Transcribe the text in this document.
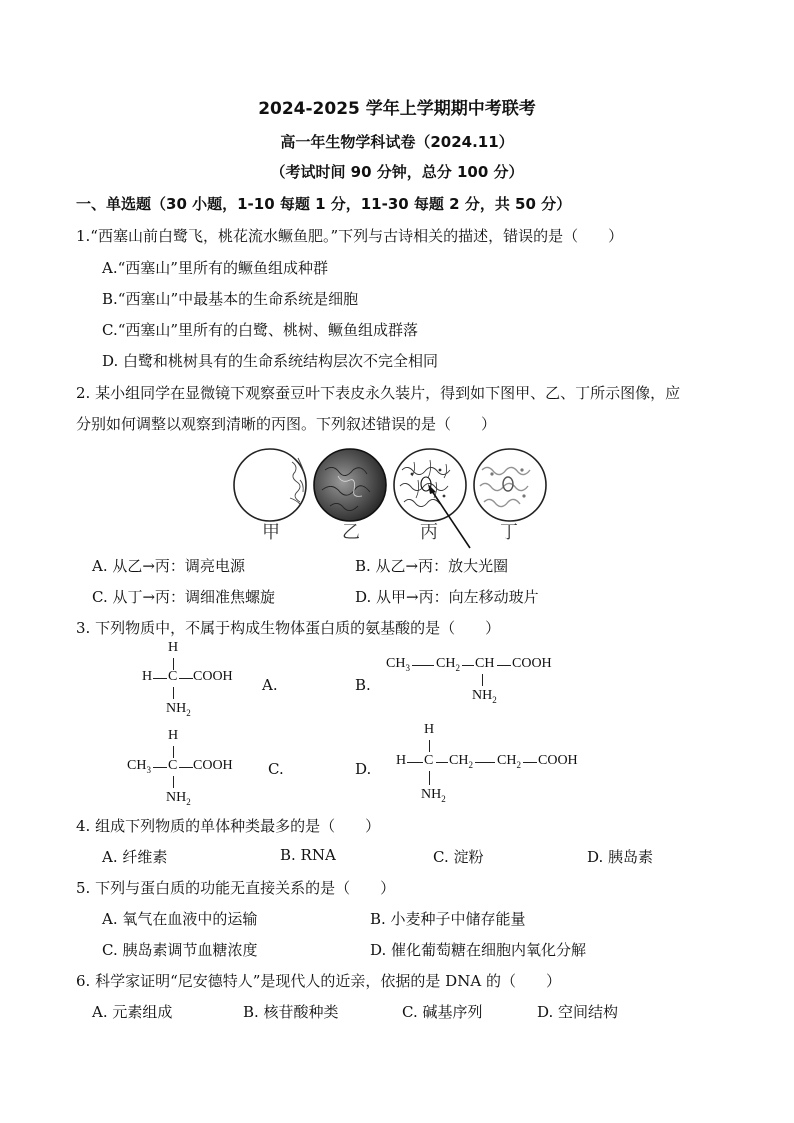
2024-2025 学年上学期期中考联考
高一年生物学科试卷（2024.11）
（考试时间 90 分钟，总分 100 分）
一、单选题（30 小题，1-10 每题 1 分，11-30 每题 2 分，共 50 分）
1.“西塞山前白鹭飞，桃花流水鳜鱼肥。”下列与古诗相关的描述，错误的是（　　）
A.“西塞山”里所有的鳜鱼组成种群
B.“西塞山”中最基本的生命系统是细胞
C.“西塞山”里所有的白鹭、桃树、鳜鱼组成群落
D. 白鹭和桃树具有的生命系统结构层次不完全相同
2. 某小组同学在显微镜下观察蚕豆叶下表皮永久装片，得到如下图甲、乙、丁所示图像，应
分别如何调整以观察到清晰的丙图。下列叙述错误的是（　　）
甲	乙	丙	丁
A. 从乙→丙：调亮电源	B. 从乙→丙：放大光圈
C. 从丁→丙：调细准焦螺旋	D. 从甲→丙：向左移动玻片
3. 下列物质中，不属于构成生物体蛋白质的氨基酸的是（　　）
H
H C COOH
$NH_2$
A.	B.
$CH_3$ $CH_2$ CH COOH
$NH_2$
H
$CH_3$ C COOH
$NH_2$
C.	D.
H
H C $CH_2$ $CH_2$ COOH
$NH_2$
4. 组成下列物质的单体种类最多的是（　　）
A. 纤维素	B. RNA	C. 淀粉	D. 胰岛素
5. 下列与蛋白质的功能无直接关系的是（　　）
A. 氧气在血液中的运输	B. 小麦种子中储存能量
C. 胰岛素调节血糖浓度	D. 催化葡萄糖在细胞内氧化分解
6. 科学家证明“尼安德特人”是现代人的近亲，依据的是 DNA 的（　　）
A. 元素组成	B. 核苷酸种类	C. 碱基序列	D. 空间结构
